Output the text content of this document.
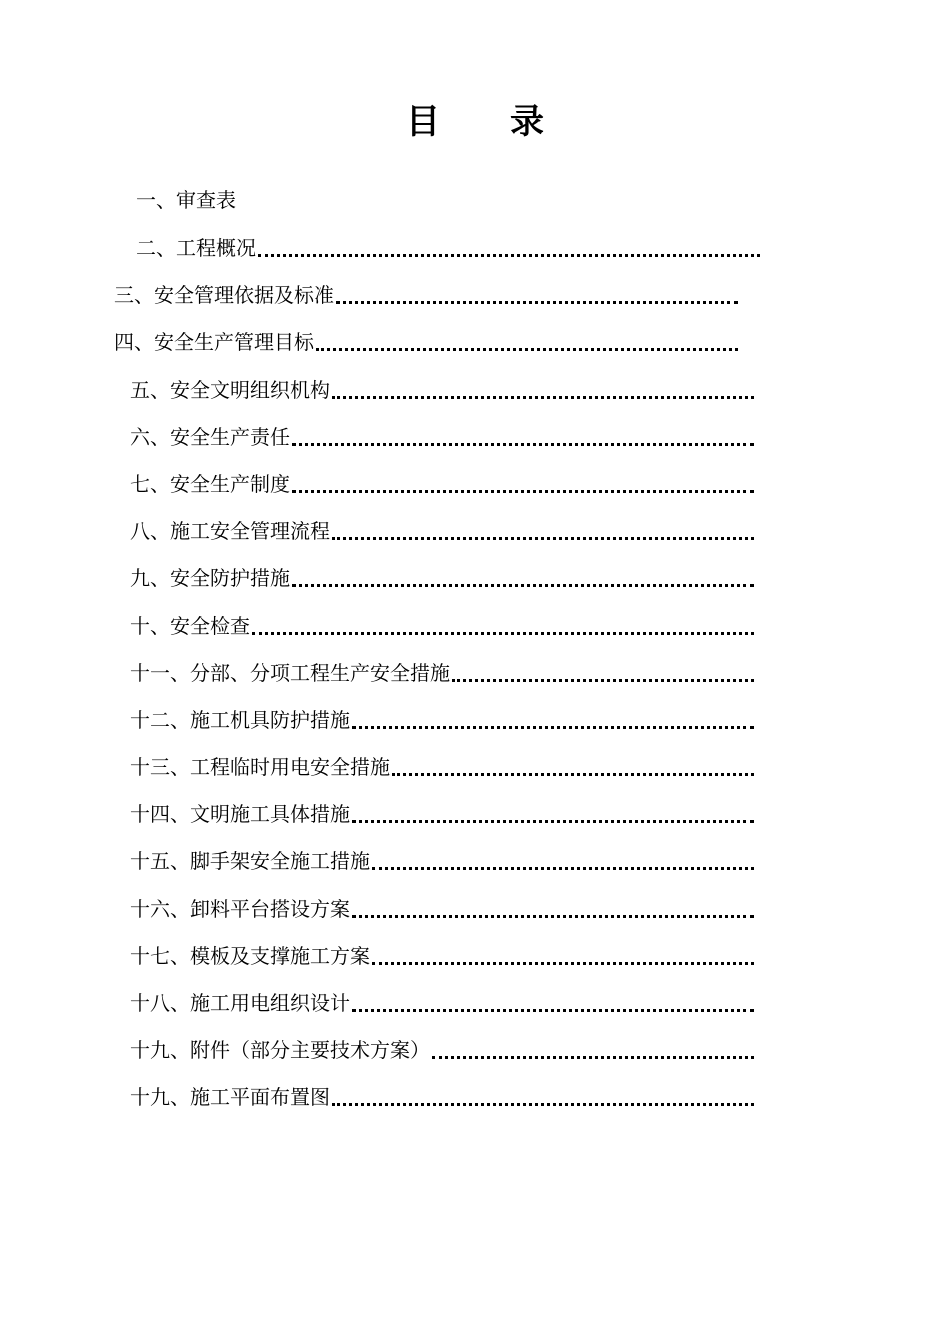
目 录
一、审查表
二、工程概况
三、安全管理依据及标准
四、安全生产管理目标
五、安全文明组织机构
六、安全生产责任
七、安全生产制度
八、施工安全管理流程
九、安全防护措施
十、安全检查
十一、分部、分项工程生产安全措施
十二、施工机具防护措施
十三、工程临时用电安全措施
十四、文明施工具体措施
十五、脚手架安全施工措施
十六、卸料平台搭设方案
十七、模板及支撑施工方案
十八、施工用电组织设计
十九、附件（部分主要技术方案）
十九、施工平面布置图
